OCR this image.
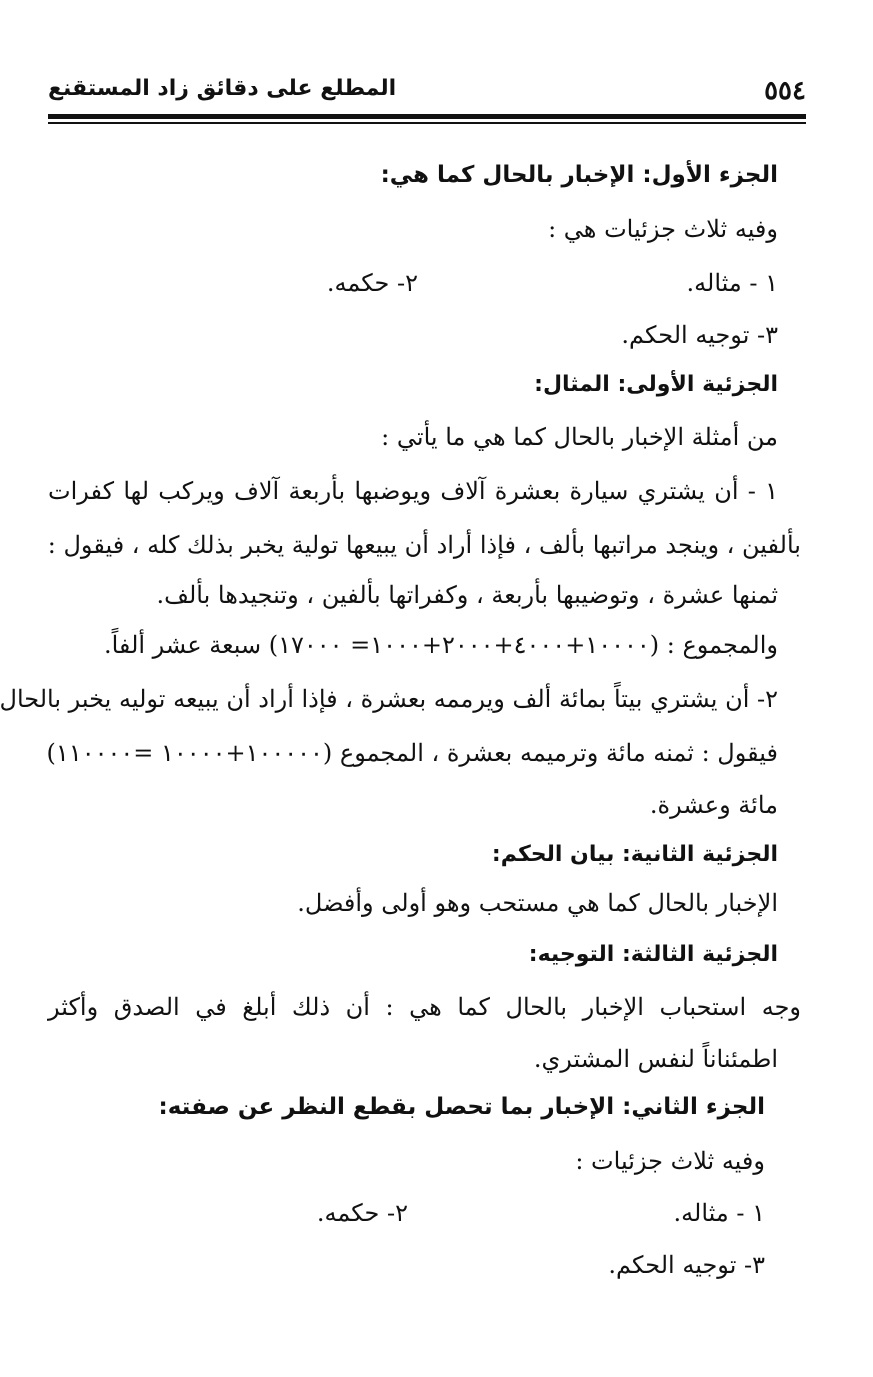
٥٥٤
المطلع على دقائق زاد المستقنع
الجزء الأول: الإخبار بالحال كما هي:
وفيه ثلاث جزئيات هي :
١ - مثاله.
٢- حكمه.
٣- توجيه الحكم.
الجزئية الأولى: المثال:
من أمثلة الإخبار بالحال كما هي ما يأتي :
١ - أن يشتري سيارة بعشرة آلاف ويوضبها بأربعة آلاف ويركب لها كفرات
بألفين ، وينجد مراتبها بألف ، فإذا أراد أن يبيعها تولية يخبر بذلك كله ، فيقول :
ثمنها عشرة ، وتوضيبها بأربعة ، وكفراتها بألفين ، وتنجيدها بألف.
والمجموع : (١٠٠٠٠+٤٠٠٠+٢٠٠٠+١٠٠٠= ١٧٠٠٠) سبعة عشر ألفاً.
٢- أن يشتري بيتاً بمائة ألف ويرممه بعشرة ، فإذا أراد أن يبيعه توليه يخبر بالحال
فيقول : ثمنه مائة وترميمه بعشرة ، المجموع (١٠٠٠٠٠+١٠٠٠٠ =١١٠٠٠٠)
مائة وعشرة.
الجزئية الثانية: بيان الحكم:
الإخبار بالحال كما هي مستحب وهو أولى وأفضل.
الجزئية الثالثة: التوجيه:
وجه استحباب الإخبار بالحال كما هي : أن ذلك أبلغ في الصدق وأكثر
اطمئناناً لنفس المشتري.
الجزء الثاني: الإخبار بما تحصل بقطع النظر عن صفته:
وفيه ثلاث جزئيات :
١ - مثاله.
٢- حكمه.
٣- توجيه الحكم.
